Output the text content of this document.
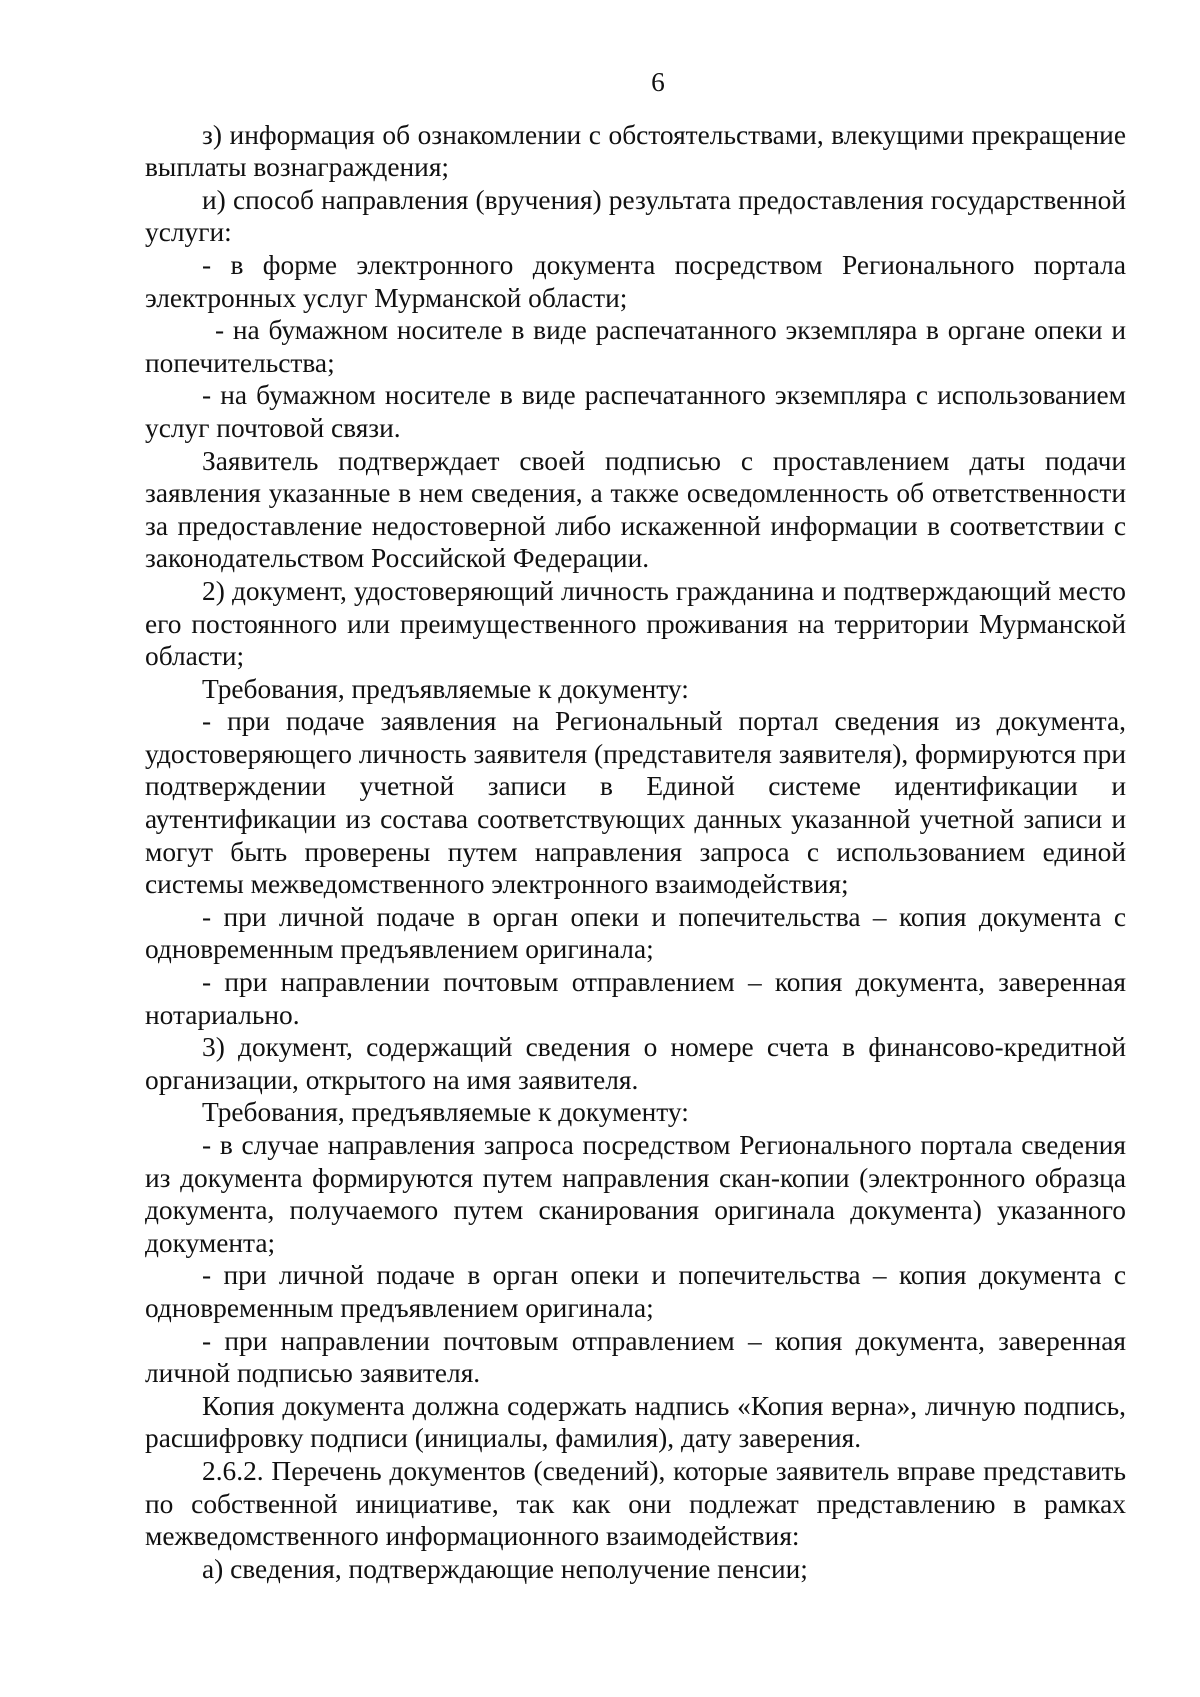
6

з) информация об ознакомлении с обстоятельствами, влекущими прекращение выплаты вознаграждения;

и) способ направления (вручения) результата предоставления государственной услуги:

- в форме электронного документа посредством Регионального портала электронных услуг Мурманской области;

- на бумажном носителе в виде распечатанного экземпляра в органе опеки и попечительства;

- на бумажном носителе в виде распечатанного экземпляра с использованием услуг почтовой связи.

Заявитель подтверждает своей подписью с проставлением даты подачи заявления указанные в нем сведения, а также осведомленность об ответственности за предоставление недостоверной либо искаженной информации в соответствии с законодательством Российской Федерации.

2) документ, удостоверяющий личность гражданина и подтверждающий место его постоянного или преимущественного проживания на территории Мурманской области;

Требования, предъявляемые к документу:

- при подаче заявления на Региональный портал сведения из документа, удостоверяющего личность заявителя (представителя заявителя), формируются при подтверждении учетной записи в Единой системе идентификации и аутентификации из состава соответствующих данных указанной учетной записи и могут быть проверены путем направления запроса с использованием единой системы межведомственного электронного взаимодействия;

- при личной подаче в орган опеки и попечительства – копия документа с одновременным предъявлением оригинала;

- при направлении почтовым отправлением – копия документа, заверенная нотариально.

3) документ, содержащий сведения о номере счета в финансово-кредитной организации, открытого на имя заявителя.

Требования, предъявляемые к документу:

- в случае направления запроса посредством Регионального портала сведения из документа формируются путем направления скан-копии (электронного образца документа, получаемого путем сканирования оригинала документа) указанного документа;

- при личной подаче в орган опеки и попечительства – копия документа с одновременным предъявлением оригинала;

- при направлении почтовым отправлением – копия документа, заверенная личной подписью заявителя.

Копия документа должна содержать надпись «Копия верна», личную подпись, расшифровку подписи (инициалы, фамилия), дату заверения.

2.6.2. Перечень документов (сведений), которые заявитель вправе представить по собственной инициативе, так как они подлежат представлению в рамках межведомственного информационного взаимодействия:

а) сведения, подтверждающие неполучение пенсии;
